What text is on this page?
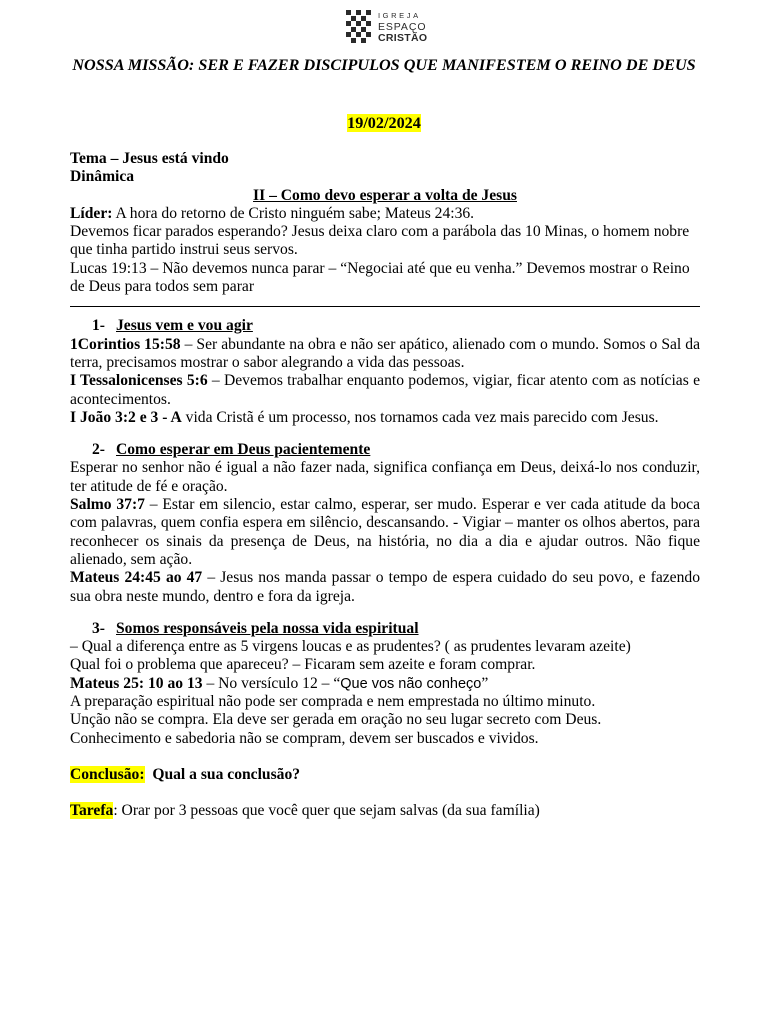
IGREJA
ESPAÇO
CRISTÃO
NOSSA MISSÃO: SER E FAZER DISCIPULOS QUE MANIFESTEM O REINO DE DEUS
19/02/2024

Tema – Jesus está vindo

Dinâmica

II – Como devo esperar a volta de Jesus

Líder: A hora do retorno de Cristo ninguém sabe; Mateus 24:36.

Devemos ficar parados esperando? Jesus deixa claro com a parábola das 10 Minas, o homem nobre que tinha partido instrui seus servos.

Lucas 19:13 – Não devemos nunca parar – “Negociai até que eu venha.” Devemos mostrar o Reino de Deus para todos sem parar

1- Jesus vem e vou agir

1Corintios 15:58 – Ser abundante na obra e não ser apático, alienado com o mundo. Somos o Sal da terra, precisamos mostrar o sabor alegrando a vida das pessoas.

I Tessalonicenses 5:6 – Devemos trabalhar enquanto podemos, vigiar, ficar atento com as notícias e acontecimentos.

I João 3:2 e 3 - A vida Cristã é um processo, nos tornamos cada vez mais parecido com Jesus.

2- Como esperar em Deus pacientemente

Esperar no senhor não é igual a não fazer nada, significa confiança em Deus, deixá-lo nos conduzir, ter atitude de fé e oração.

Salmo 37:7 – Estar em silencio, estar calmo, esperar, ser mudo. Esperar e ver cada atitude da boca com palavras, quem confia espera em silêncio, descansando. - Vigiar – manter os olhos abertos, para reconhecer os sinais da presença de Deus, na história, no dia a dia e ajudar outros. Não fique alienado, sem ação.

Mateus 24:45 ao 47 – Jesus nos manda passar o tempo de espera cuidado do seu povo, e fazendo sua obra neste mundo, dentro e fora da igreja.

3- Somos responsáveis pela nossa vida espiritual

– Qual a diferença entre as 5 virgens loucas e as prudentes? ( as prudentes levaram azeite)

Qual foi o problema que apareceu? – Ficaram sem azeite e foram comprar.

Mateus 25: 10 ao 13 – No versículo 12 – “Que vos não conheço”

A preparação espiritual não pode ser comprada e nem emprestada no último minuto.

Unção não se compra. Ela deve ser gerada em oração no seu lugar secreto com Deus.

Conhecimento e sabedoria não se compram, devem ser buscados e vividos.

Conclusão: Qual a sua conclusão?

Tarefa: Orar por 3 pessoas que você quer que sejam salvas (da sua família)
